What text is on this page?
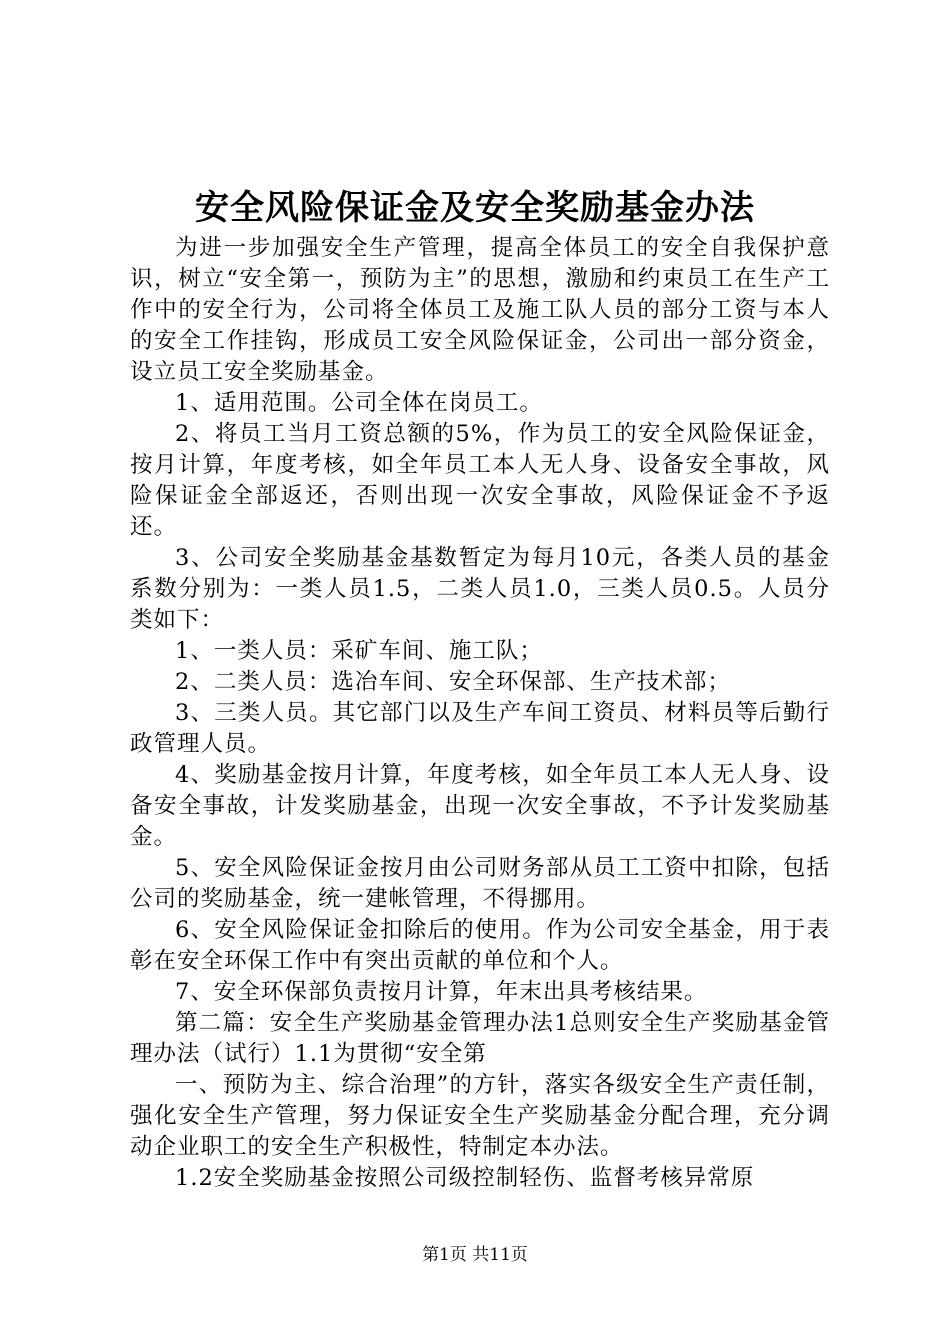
安全风险保证金及安全奖励基金办法

为进一步加强安全生产管理，提高全体员工的安全自我保护意识，树立“安全第一，预防为主”的思想，激励和约束员工在生产工作中的安全行为，公司将全体员工及施工队人员的部分工资与本人的安全工作挂钩，形成员工安全风险保证金，公司出一部分资金，设立员工安全奖励基金。

1、适用范围。公司全体在岗员工。

2、将员工当月工资总额的5%，作为员工的安全风险保证金，按月计算，年度考核，如全年员工本人无人身、设备安全事故，风险保证金全部返还，否则出现一次安全事故，风险保证金不予返还。

3、公司安全奖励基金基数暂定为每月10元，各类人员的基金系数分别为：一类人员1.5，二类人员1.0，三类人员0.5。人员分类如下：

1、一类人员：采矿车间、施工队；

2、二类人员：选冶车间、安全环保部、生产技术部；

3、三类人员。其它部门以及生产车间工资员、材料员等后勤行政管理人员。

4、奖励基金按月计算，年度考核，如全年员工本人无人身、设备安全事故，计发奖励基金，出现一次安全事故，不予计发奖励基金。

5、安全风险保证金按月由公司财务部从员工工资中扣除，包括公司的奖励基金，统一建帐管理，不得挪用。

6、安全风险保证金扣除后的使用。作为公司安全基金，用于表彰在安全环保工作中有突出贡献的单位和个人。

7、安全环保部负责按月计算，年末出具考核结果。

第二篇：安全生产奖励基金管理办法1总则安全生产奖励基金管理办法（试行）1.1为贯彻“安全第

一、预防为主、综合治理”的方针，落实各级安全生产责任制，强化安全生产管理，努力保证安全生产奖励基金分配合理，充分调动企业职工的安全生产积极性，特制定本办法。

1.2安全奖励基金按照公司级控制轻伤、监督考核异常原

第1页 共11页
